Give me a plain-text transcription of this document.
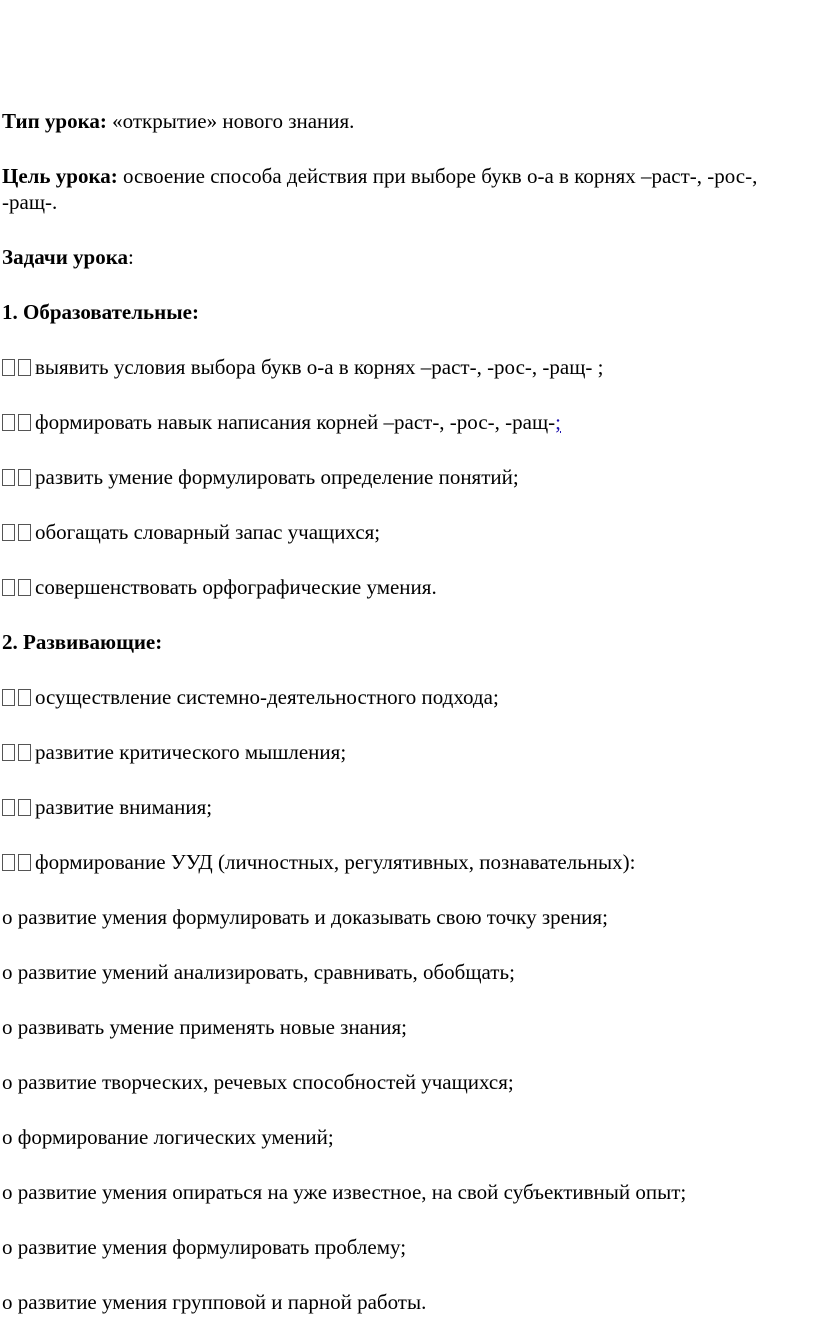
Тип урока: «открытие» нового знания.

Цель урока: освоение способа действия при выборе букв о-а в корнях –раст-, -рос-, -ращ-.

Задачи урока:

1. Образовательные:

выявить условия выбора букв о-а в корнях –раст-, -рос-, -ращ- ;

формировать навык написания корней –раст-, -рос-, -ращ-;

развить умение формулировать определение понятий;

обогащать словарный запас учащихся;

совершенствовать орфографические умения.

2. Развивающие:

осуществление системно-деятельностного подхода;

развитие критического мышления;

развитие внимания;

формирование УУД (личностных, регулятивных, познавательных):

о развитие умения формулировать и доказывать свою точку зрения;

о развитие умений анализировать, сравнивать, обобщать;

о развивать умение применять новые знания;

о развитие творческих, речевых способностей учащихся;

о формирование логических умений;

о развитие умения опираться на уже известное, на свой субъективный опыт;

о развитие умения формулировать проблему;

о развитие умения групповой и парной работы.
